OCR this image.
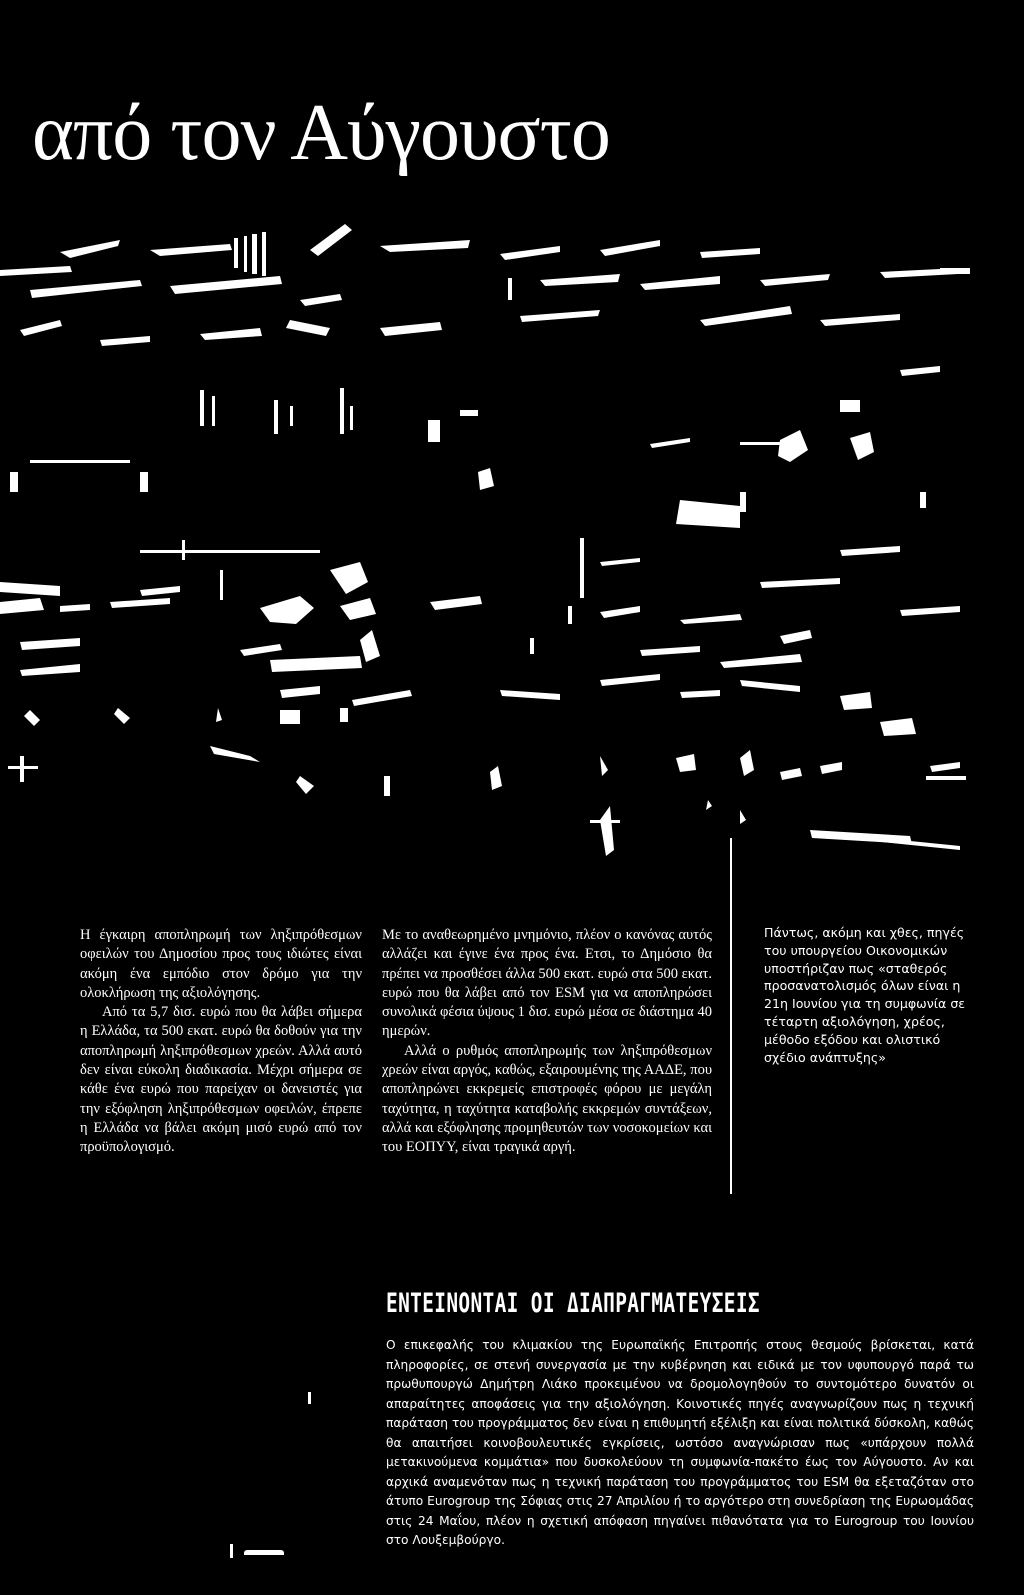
από τον Αύγουστο

Η έγκαιρη αποπληρωμή των ληξιπρόθεσμων οφειλών του Δημοσίου προς τους ιδιώτες είναι ακόμη ένα εμπόδιο στον δρόμο για την ολοκλήρωση της αξιολόγησης.

Από τα 5,7 δισ. ευρώ που θα λάβει σήμερα η Ελλάδα, τα 500 εκατ. ευρώ θα δοθούν για την αποπληρωμή ληξιπρόθεσμων χρεών. Αλλά αυτό δεν είναι εύκολη διαδικασία. Μέχρι σήμερα σε κάθε ένα ευρώ που παρείχαν οι δανειστές για την εξόφληση ληξιπρόθεσμων οφειλών, έπρεπε η Ελλάδα να βάλει ακόμη μισό ευρώ από τον προϋπολογισμό.

Με το αναθεωρημένο μνημόνιο, πλέον ο κανόνας αυτός αλλάζει και έγινε ένα προς ένα. Ετσι, το Δημόσιο θα πρέπει να προσθέσει άλλα 500 εκατ. ευρώ στα 500 εκατ. ευρώ που θα λάβει από τον ESM για να αποπληρώσει συνολικά φέσια ύψους 1 δισ. ευρώ μέσα σε διάστημα 40 ημερών.

Αλλά ο ρυθμός αποπληρωμής των ληξιπρόθεσμων χρεών είναι αργός, καθώς, εξαιρουμένης της ΑΑΔΕ, που αποπληρώνει εκκρεμείς επιστροφές φόρου με μεγάλη ταχύτητα, η ταχύτητα καταβολής εκκρεμών συντάξεων, αλλά και εξόφλησης προμηθευτών των νοσοκομείων και του ΕΟΠΥΥ, είναι τραγικά αργή.

Πάντως, ακόμη και χθες, πηγές του υπουργείου Οικονομικών υποστήριζαν πως «σταθερός προσανατολισμός όλων είναι η 21η Ιουνίου για τη συμφωνία σε τέταρτη αξιολόγηση, χρέος, μέθοδο εξόδου και ολιστικό σχέδιο ανάπτυξης»
ΕΝΤΕΙΝΟΝΤΑΙ ΟΙ ΔΙΑΠΡΑΓΜΑΤΕΥΣΕΙΣ

Ο επικεφαλής του κλιμακίου της Ευρωπαϊκής Επιτροπής στους θεσμούς βρίσκεται, κατά πληροφορίες, σε στενή συνεργασία με την κυβέρνηση και ειδικά με τον υφυπουργό παρά τω πρωθυπουργώ Δημήτρη Λιάκο προκειμένου να δρομολογηθούν το συντομότερο δυνατόν οι απαραίτητες αποφάσεις για την αξιολόγηση. Κοινοτικές πηγές αναγνωρίζουν πως η τεχνική παράταση του προγράμματος δεν είναι η επιθυμητή εξέλιξη και είναι πολιτικά δύσκολη, καθώς θα απαιτήσει κοινοβουλευτικές εγκρίσεις, ωστόσο αναγνώρισαν πως «υπάρχουν πολλά μετακινούμενα κομμάτια» που δυσκολεύουν τη συμφωνία-πακέτο έως τον Αύγουστο. Αν και αρχικά αναμενόταν πως η τεχνική παράταση του προγράμματος του ESM θα εξεταζόταν στο άτυπο Eurogroup της Σόφιας στις 27 Απριλίου ή το αργότερο στη συνεδρίαση της Ευρωομάδας στις 24 Μαΐου, πλέον η σχετική απόφαση πηγαίνει πιθανότατα για το Eurogroup του Ιουνίου στο Λουξεμβούργο.
